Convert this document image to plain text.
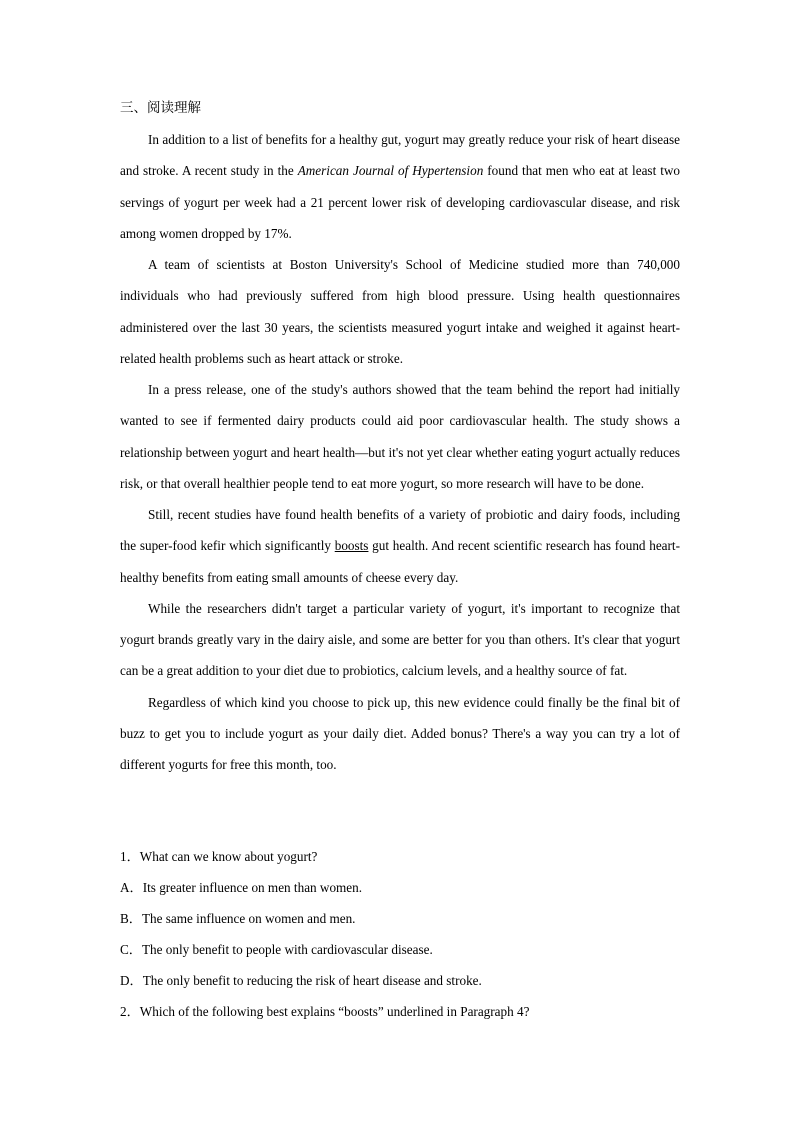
三、阅读理解

In addition to a list of benefits for a healthy gut, yogurt may greatly reduce your risk of heart disease and stroke. A recent study in the American Journal of Hypertension found that men who eat at least two servings of yogurt per week had a 21 percent lower risk of developing cardiovascular disease, and risk among women dropped by 17%.

A team of scientists at Boston University's School of Medicine studied more than 740,000 individuals who had previously suffered from high blood pressure. Using health questionnaires administered over the last 30 years, the scientists measured yogurt intake and weighed it against heart-related health problems such as heart attack or stroke.

In a press release, one of the study's authors showed that the team behind the report had initially wanted to see if fermented dairy products could aid poor cardiovascular health. The study shows a relationship between yogurt and heart health—but it's not yet clear whether eating yogurt actually reduces risk, or that overall healthier people tend to eat more yogurt, so more research will have to be done.

Still, recent studies have found health benefits of a variety of probiotic and dairy foods, including the super-food kefir which significantly boosts gut health. And recent scientific research has found heart-healthy benefits from eating small amounts of cheese every day.

While the researchers didn't target a particular variety of yogurt, it's important to recognize that yogurt brands greatly vary in the dairy aisle, and some are better for you than others. It's clear that yogurt can be a great addition to your diet due to probiotics, calcium levels, and a healthy source of fat.

Regardless of which kind you choose to pick up, this new evidence could finally be the final bit of buzz to get you to include yogurt as your daily diet. Added bonus? There's a way you can try a lot of different yogurts for free this month, too.

1．What can we know about yogurt?

A．Its greater influence on men than women.

B．The same influence on women and men.

C．The only benefit to people with cardiovascular disease.

D．The only benefit to reducing the risk of heart disease and stroke.

2．Which of the following best explains “boosts” underlined in Paragraph 4?
